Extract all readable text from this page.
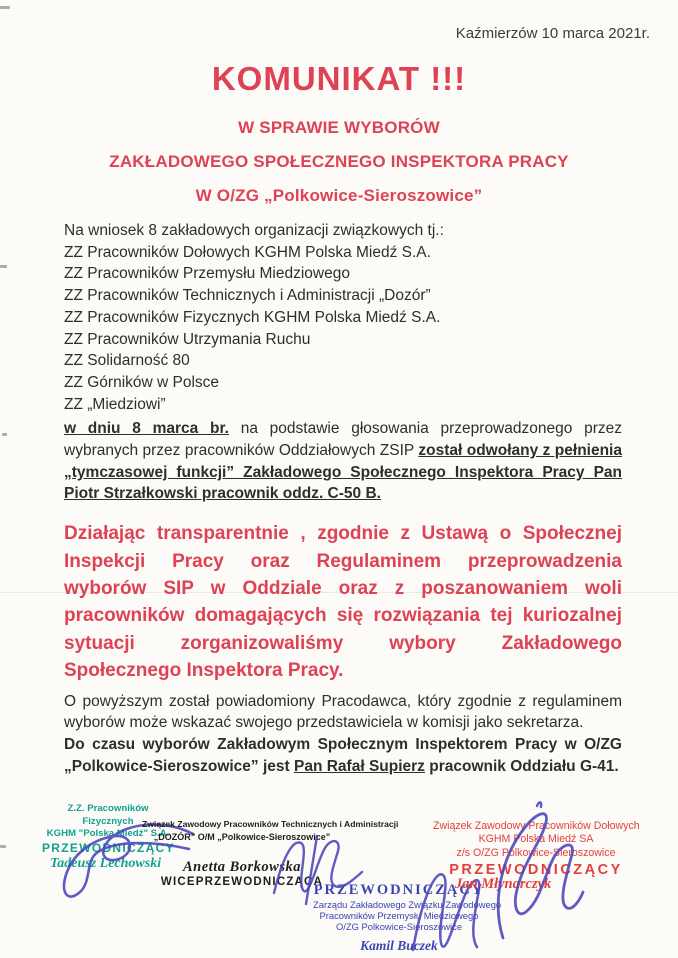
Kaźmierzów 10 marca 2021r.
KOMUNIKAT !!!
W SPRAWIE WYBORÓW
ZAKŁADOWEGO SPOŁECZNEGO INSPEKTORA PRACY
W O/ZG „Polkowice-Sieroszowice”
Na wniosek 8 zakładowych organizacji związkowych tj.:
ZZ Pracowników Dołowych KGHM Polska Miedź S.A.
ZZ Pracowników Przemysłu Miedziowego
ZZ Pracowników Technicznych i Administracji „Dozór”
ZZ Pracowników Fizycznych KGHM Polska Miedź S.A.
ZZ Pracowników Utrzymania Ruchu
ZZ Solidarność 80
ZZ Górników w Polsce
ZZ „Miedziowi”

w dniu 8 marca br. na podstawie głosowania przeprowadzonego przez wybranych przez pracowników Oddziałowych ZSIP został odwołany z pełnienia „tymczasowej funkcji” Zakładowego Społecznego Inspektora Pracy Pan Piotr Strzałkowski pracownik oddz. C-50 B.

Działając transparentnie , zgodnie z Ustawą o Społecznej Inspekcji Pracy oraz Regulaminem przeprowadzenia wyborów SIP w Oddziale oraz z poszanowaniem woli pracowników domagających się rozwiązania tej kuriozalnej sytuacji zorganizowaliśmy wybory Zakładowego Społecznego Inspektora Pracy.

O powyższym został powiadomiony Pracodawca, który zgodnie z regulaminem wyborów może wskazać swojego przedstawiciela w komisji jako sekretarza.

Do czasu wyborów Zakładowym Społecznym Inspektorem Pracy w O/ZG „Polkowice-Sieroszowice” jest Pan Rafał Supierz pracownik Oddziału G-41.

Z.Z. Pracowników Fizycznych
KGHM "Polska Miedź" S.A.
PRZEWODNICZĄCY
Tadeusz Lechowski
Związek Zawodowy Pracowników Technicznych i Administracji
„DOZÓR” O/M „Polkowice-Sieroszowice”
Anetta Borkowska
WICEPRZEWODNICZĄCA
PRZEWODNICZĄCY
Zarządu Zakładowego Związku Zawodowego
Pracowników Przemysłu Miedziowego
O/ZG Polkowice-Sieroszowice
Kamil Buczek
Związek Zawodowy Pracowników Dołowych
KGHM Polska Miedź SA
z/s O/ZG Polkowice-Sieroszowice
PRZEWODNICZĄCY
Jan Młynarczyk
